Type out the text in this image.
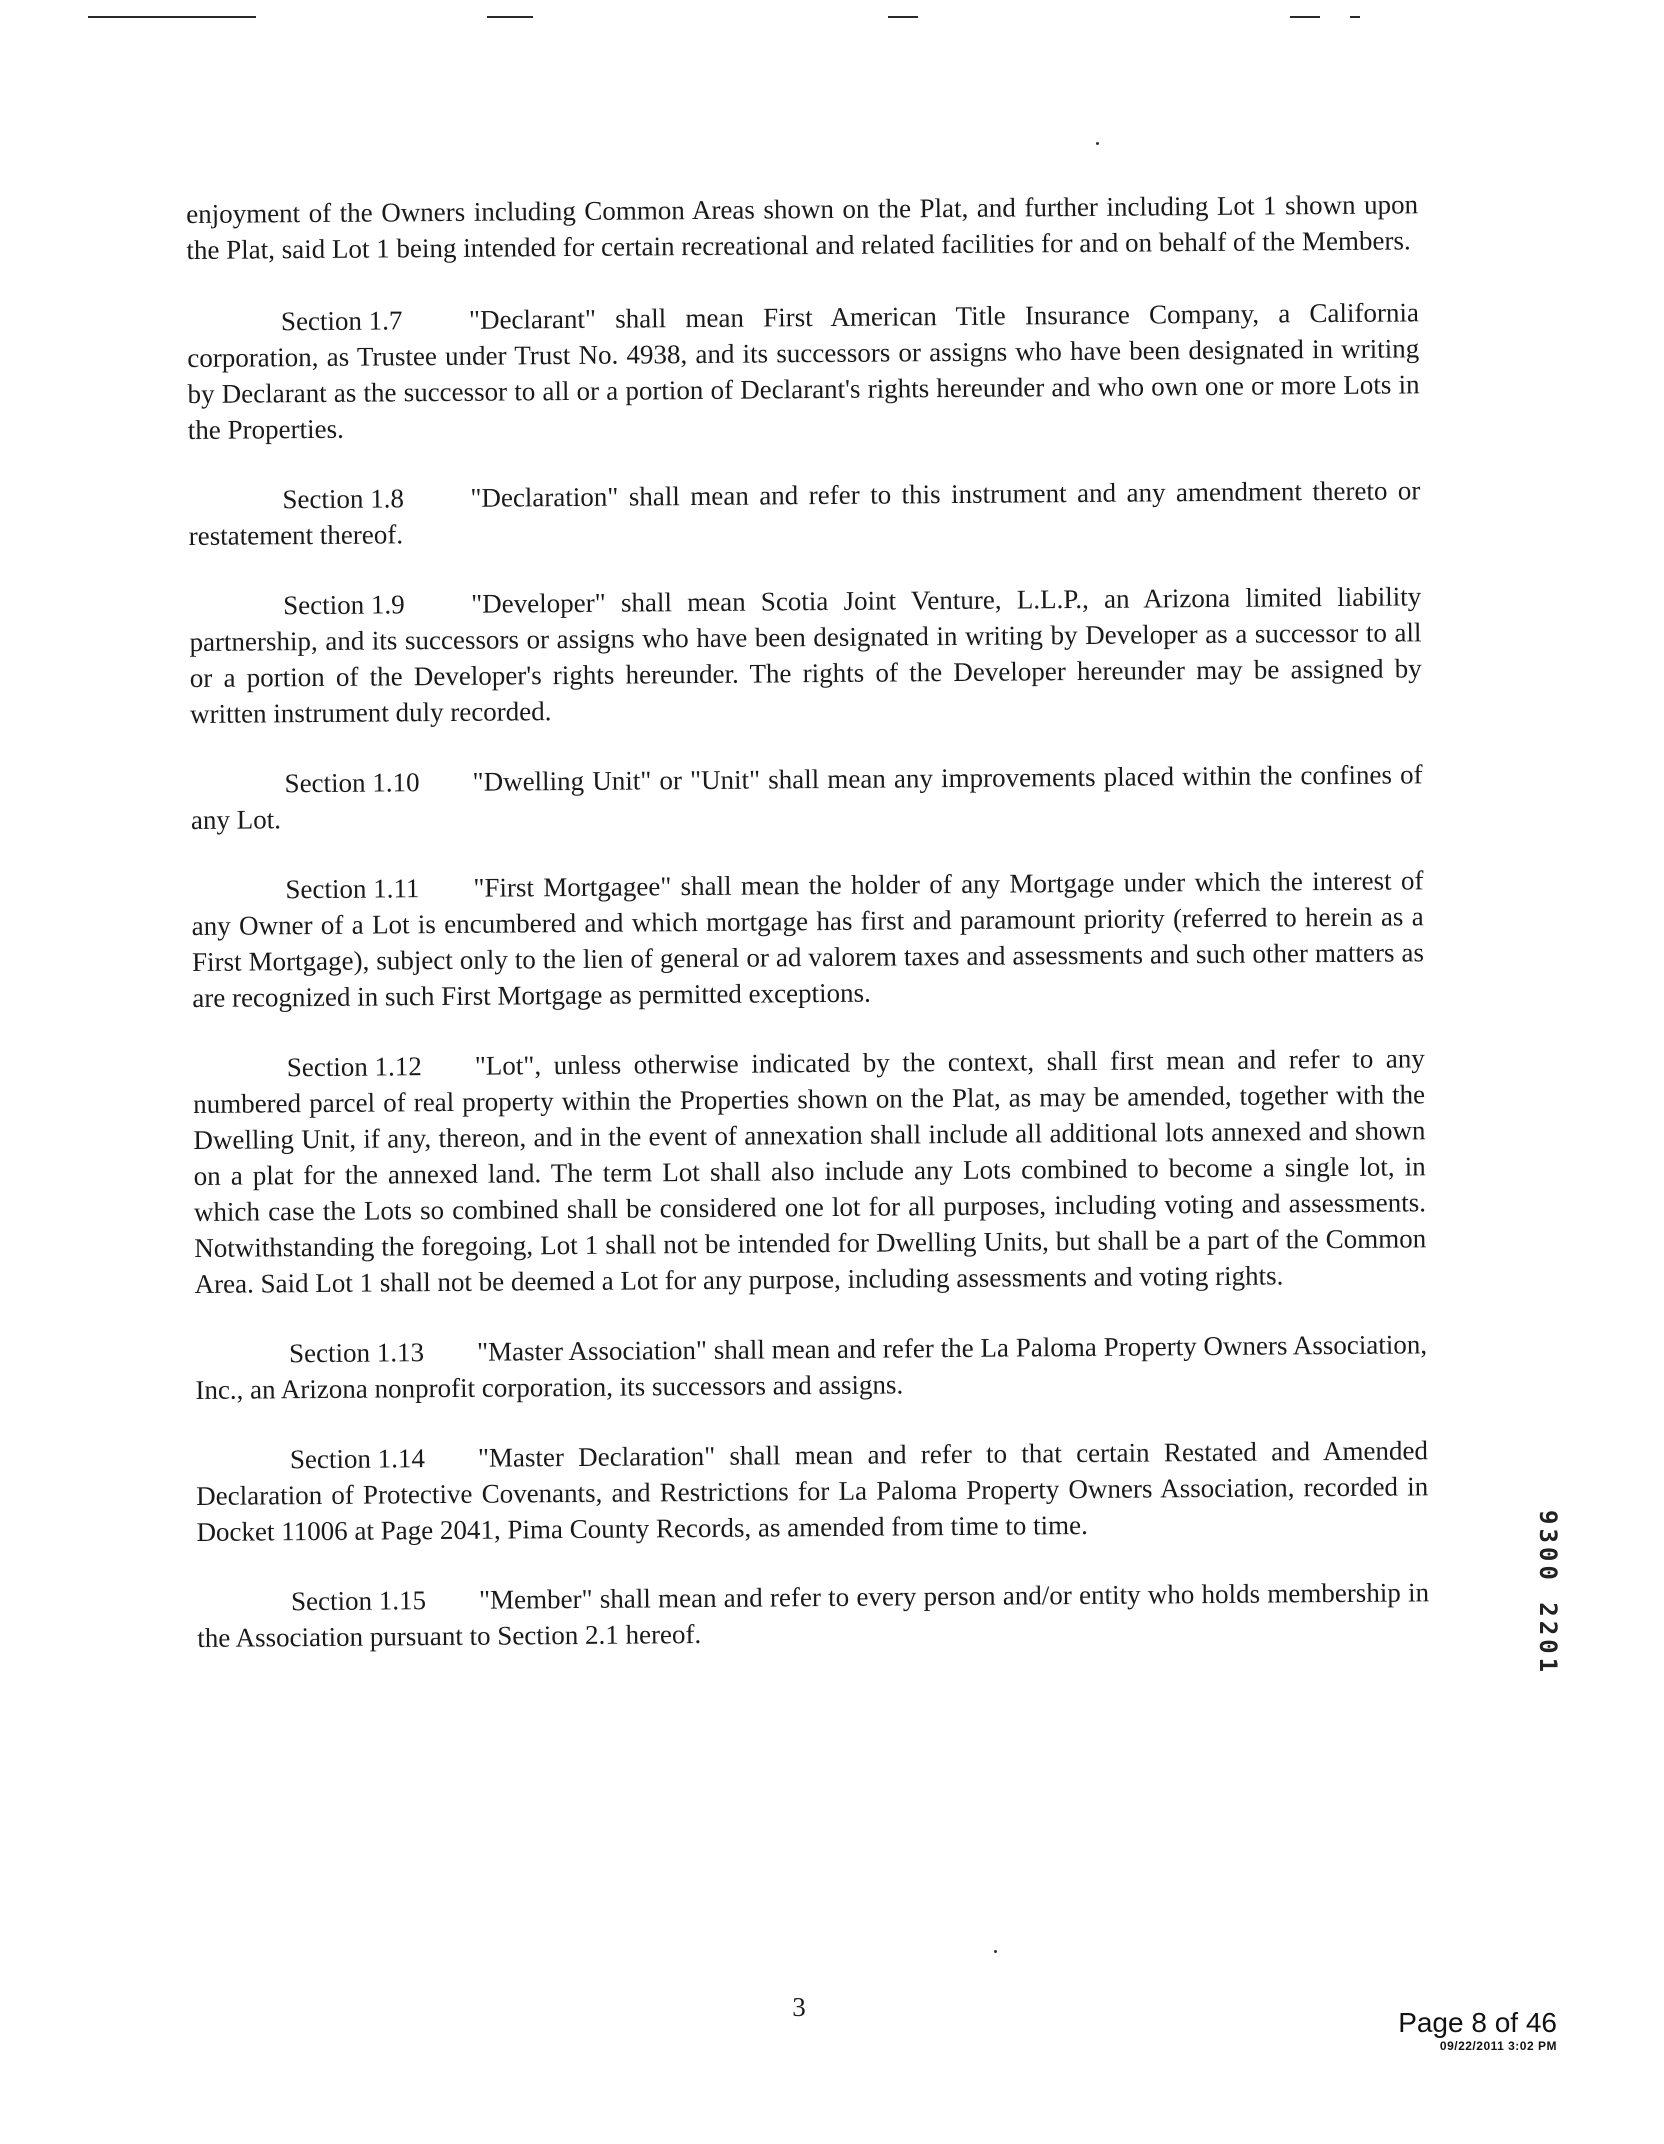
enjoyment of the Owners including Common Areas shown on the Plat, and further including Lot 1 shown upon the Plat, said Lot 1 being intended for certain recreational and related facilities for and on behalf of the Members.

Section 1.7 "Declarant" shall mean First American Title Insurance Company, a California corporation, as Trustee under Trust No. 4938, and its successors or assigns who have been designated in writing by Declarant as the successor to all or a portion of Declarant's rights hereunder and who own one or more Lots in the Properties.

Section 1.8 "Declaration" shall mean and refer to this instrument and any amendment thereto or restatement thereof.

Section 1.9 "Developer" shall mean Scotia Joint Venture, L.L.P., an Arizona limited liability partnership, and its successors or assigns who have been designated in writing by Developer as a successor to all or a portion of the Developer's rights hereunder. The rights of the Developer hereunder may be assigned by written instrument duly recorded.

Section 1.10 "Dwelling Unit" or "Unit" shall mean any improvements placed within the confines of any Lot.

Section 1.11 "First Mortgagee" shall mean the holder of any Mortgage under which the interest of any Owner of a Lot is encumbered and which mortgage has first and paramount priority (referred to herein as a First Mortgage), subject only to the lien of general or ad valorem taxes and assessments and such other matters as are recognized in such First Mortgage as permitted exceptions.

Section 1.12 "Lot", unless otherwise indicated by the context, shall first mean and refer to any numbered parcel of real property within the Properties shown on the Plat, as may be amended, together with the Dwelling Unit, if any, thereon, and in the event of annexation shall include all additional lots annexed and shown on a plat for the annexed land. The term Lot shall also include any Lots combined to become a single lot, in which case the Lots so combined shall be considered one lot for all purposes, including voting and assessments. Notwithstanding the foregoing, Lot 1 shall not be intended for Dwelling Units, but shall be a part of the Common Area. Said Lot 1 shall not be deemed a Lot for any purpose, including assessments and voting rights.

Section 1.13 "Master Association" shall mean and refer the La Paloma Property Owners Association, Inc., an Arizona nonprofit corporation, its successors and assigns.

Section 1.14 "Master Declaration" shall mean and refer to that certain Restated and Amended Declaration of Protective Covenants, and Restrictions for La Paloma Property Owners Association, recorded in Docket 11006 at Page 2041, Pima County Records, as amended from time to time.

Section 1.15 "Member" shall mean and refer to every person and/or entity who holds membership in the Association pursuant to Section 2.1 hereof.	9300 2201
3	Page 8 of 46
09/22/2011 3:02 PM
